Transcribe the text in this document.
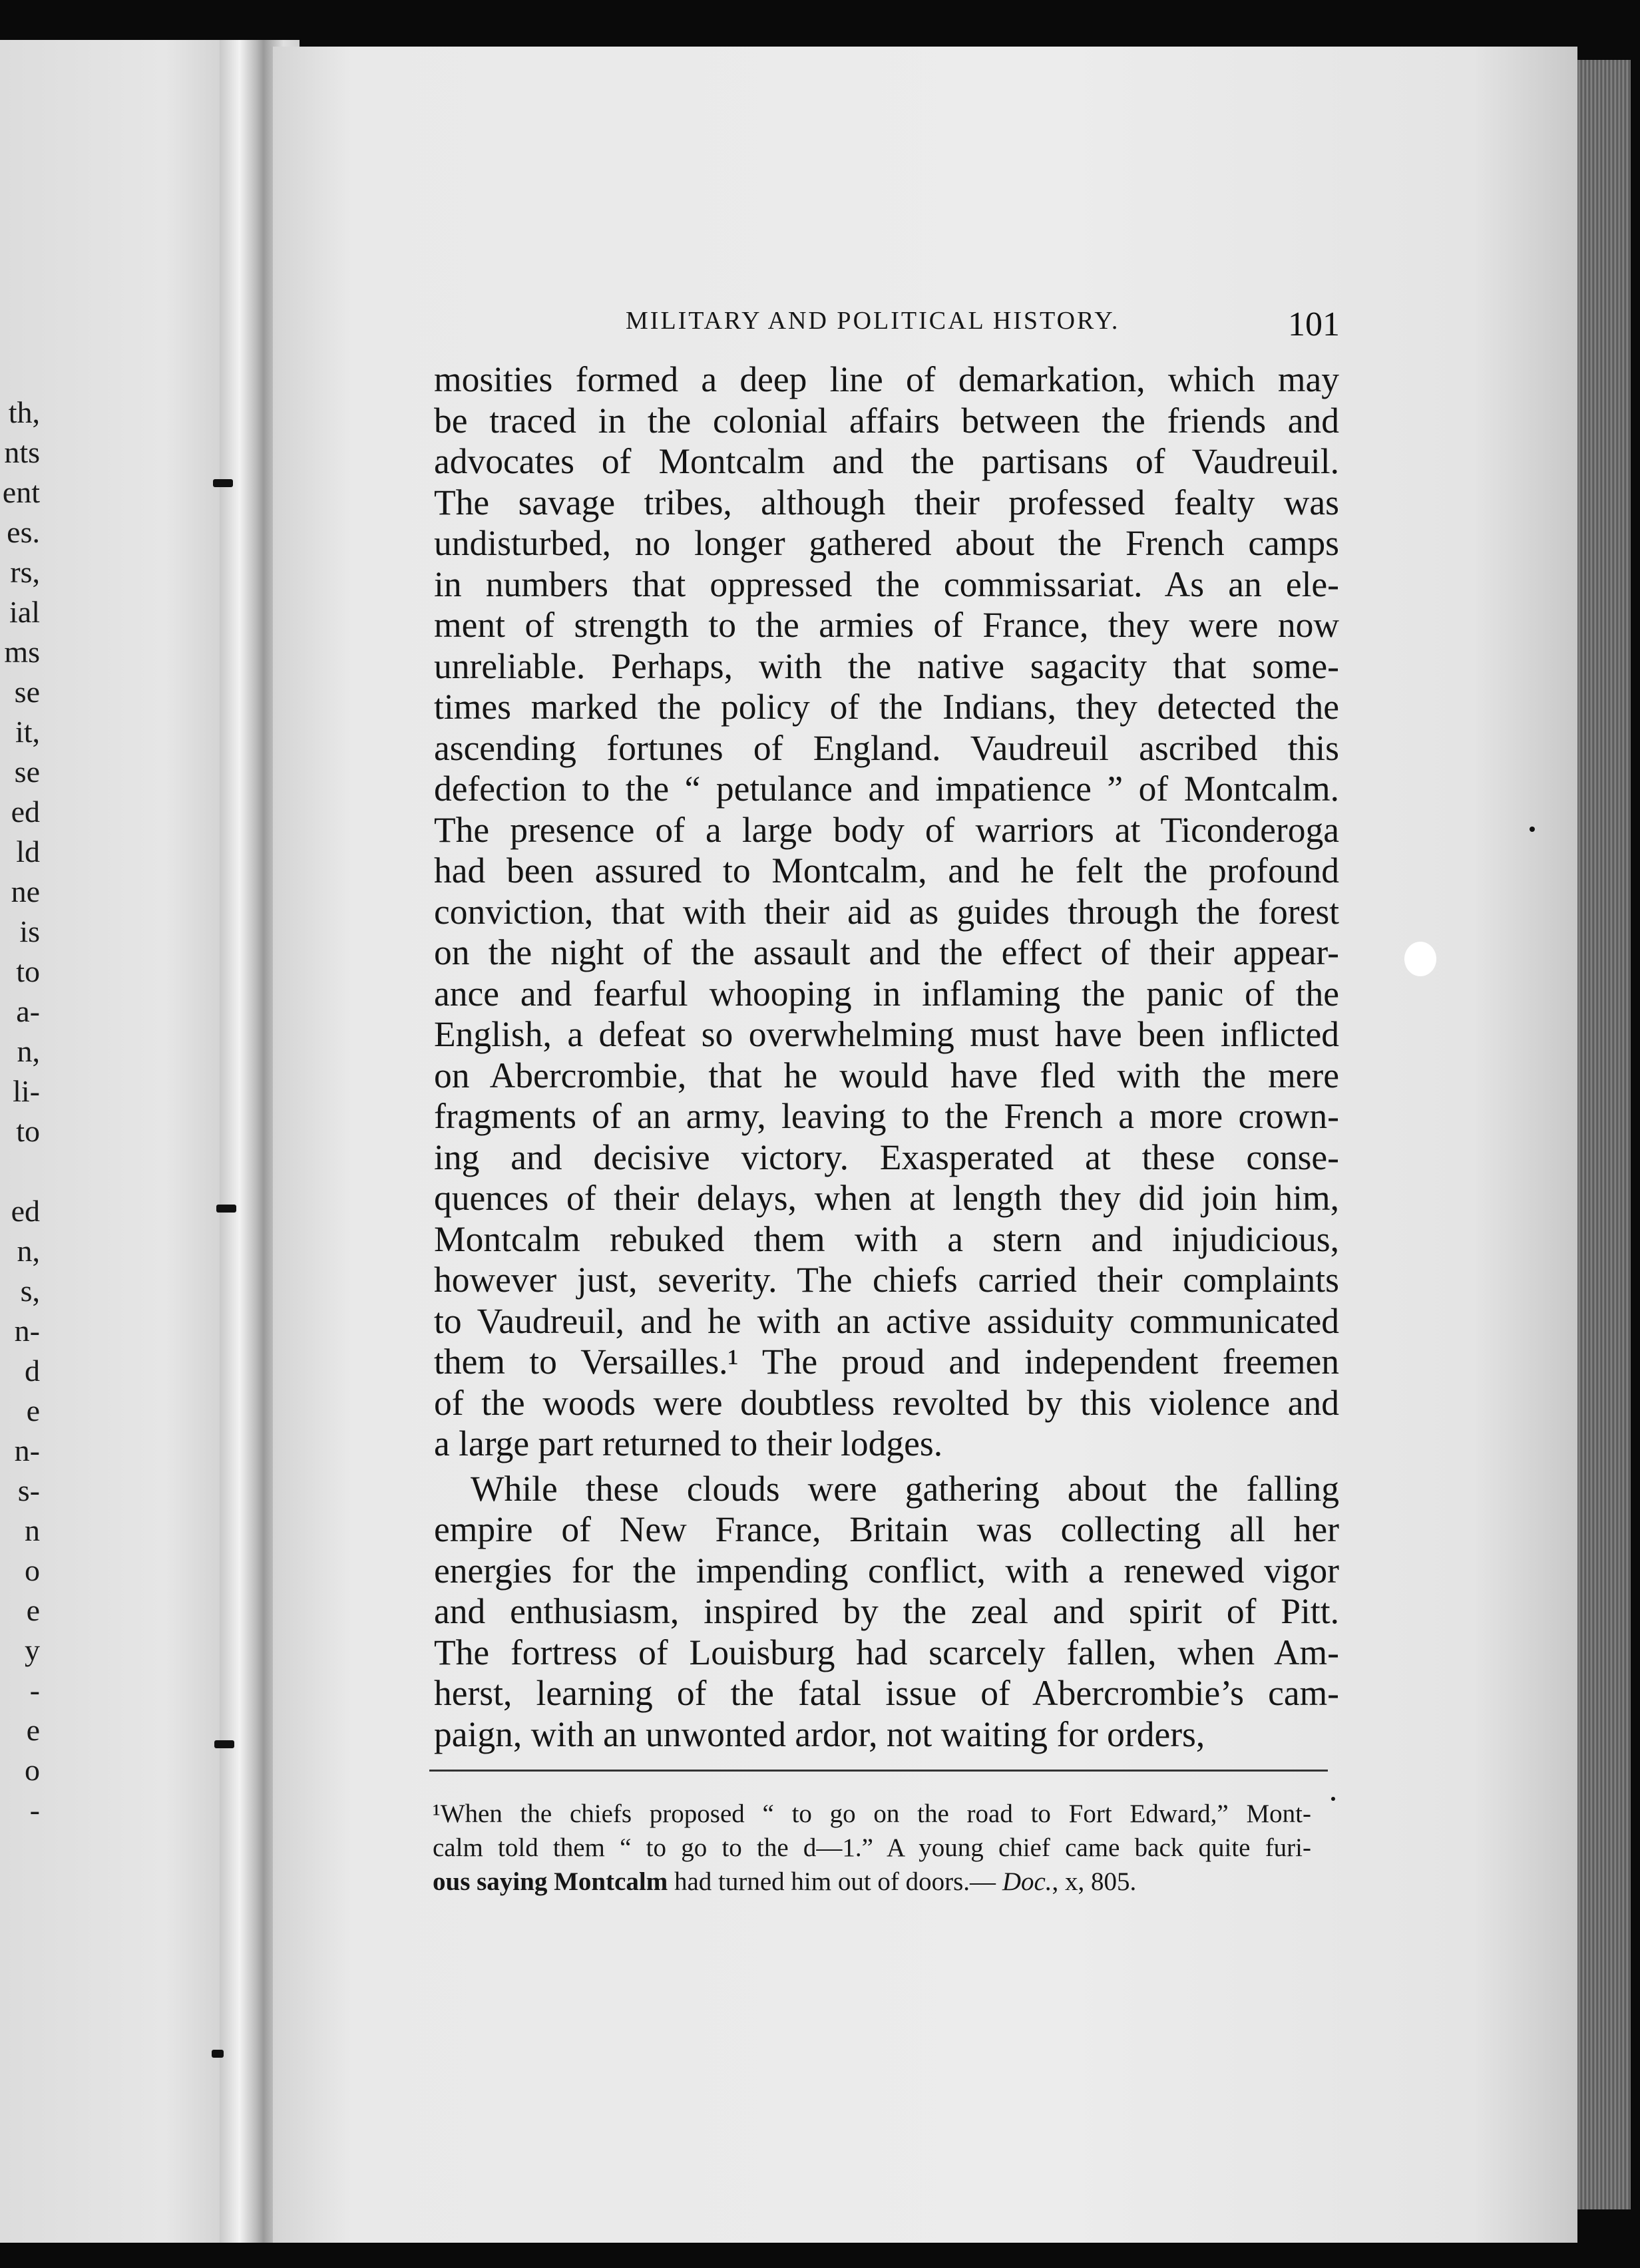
th,
nts
ent
es.
rs,
ial
ms
se
it,
se
ed
ld
ne
is
to
a-
n,
li-
to
ed
n,
s,
n-
d
e
n-
s-
n
o
e
y
-
e
o
-
MILITARY AND POLITICAL HISTORY.	101
mosities formed a deep line of demarkation, which may
be traced in the colonial affairs between the friends and
advocates of Montcalm and the partisans of Vaudreuil.
The savage tribes, although their professed fealty was
undisturbed, no longer gathered about the French camps
in numbers that oppressed the commissariat. As an ele-
ment of strength to the armies of France, they were now
unreliable. Perhaps, with the native sagacity that some-
times marked the policy of the Indians, they detected the
ascending fortunes of England. Vaudreuil ascribed this
defection to the “ petulance and impatience ” of Montcalm.
The presence of a large body of warriors at Ticonderoga
had been assured to Montcalm, and he felt the profound
conviction, that with their aid as guides through the forest
on the night of the assault and the effect of their appear-
ance and fearful whooping in inflaming the panic of the
English, a defeat so overwhelming must have been inflicted
on Abercrombie, that he would have fled with the mere
fragments of an army, leaving to the French a more crown-
ing and decisive victory. Exasperated at these conse-
quences of their delays, when at length they did join him,
Montcalm rebuked them with a stern and injudicious,
however just, severity. The chiefs carried their complaints
to Vaudreuil, and he with an active assiduity communicated
them to Versailles.¹ The proud and independent freemen
of the woods were doubtless revolted by this violence and
a large part returned to their lodges.
While these clouds were gathering about the falling
empire of New France, Britain was collecting all her
energies for the impending conflict, with a renewed vigor
and enthusiasm, inspired by the zeal and spirit of Pitt.
The fortress of Louisburg had scarcely fallen, when Am-
herst, learning of the fatal issue of Abercrombie’s cam-
paign, with an unwonted ardor, not waiting for orders,
¹When the chiefs proposed “ to go on the road to Fort Edward,” Mont-
calm told them “ to go to the d—1.” A young chief came back quite furi-
ous saying Montcalm had turned him out of doors.— Doc., x, 805.
